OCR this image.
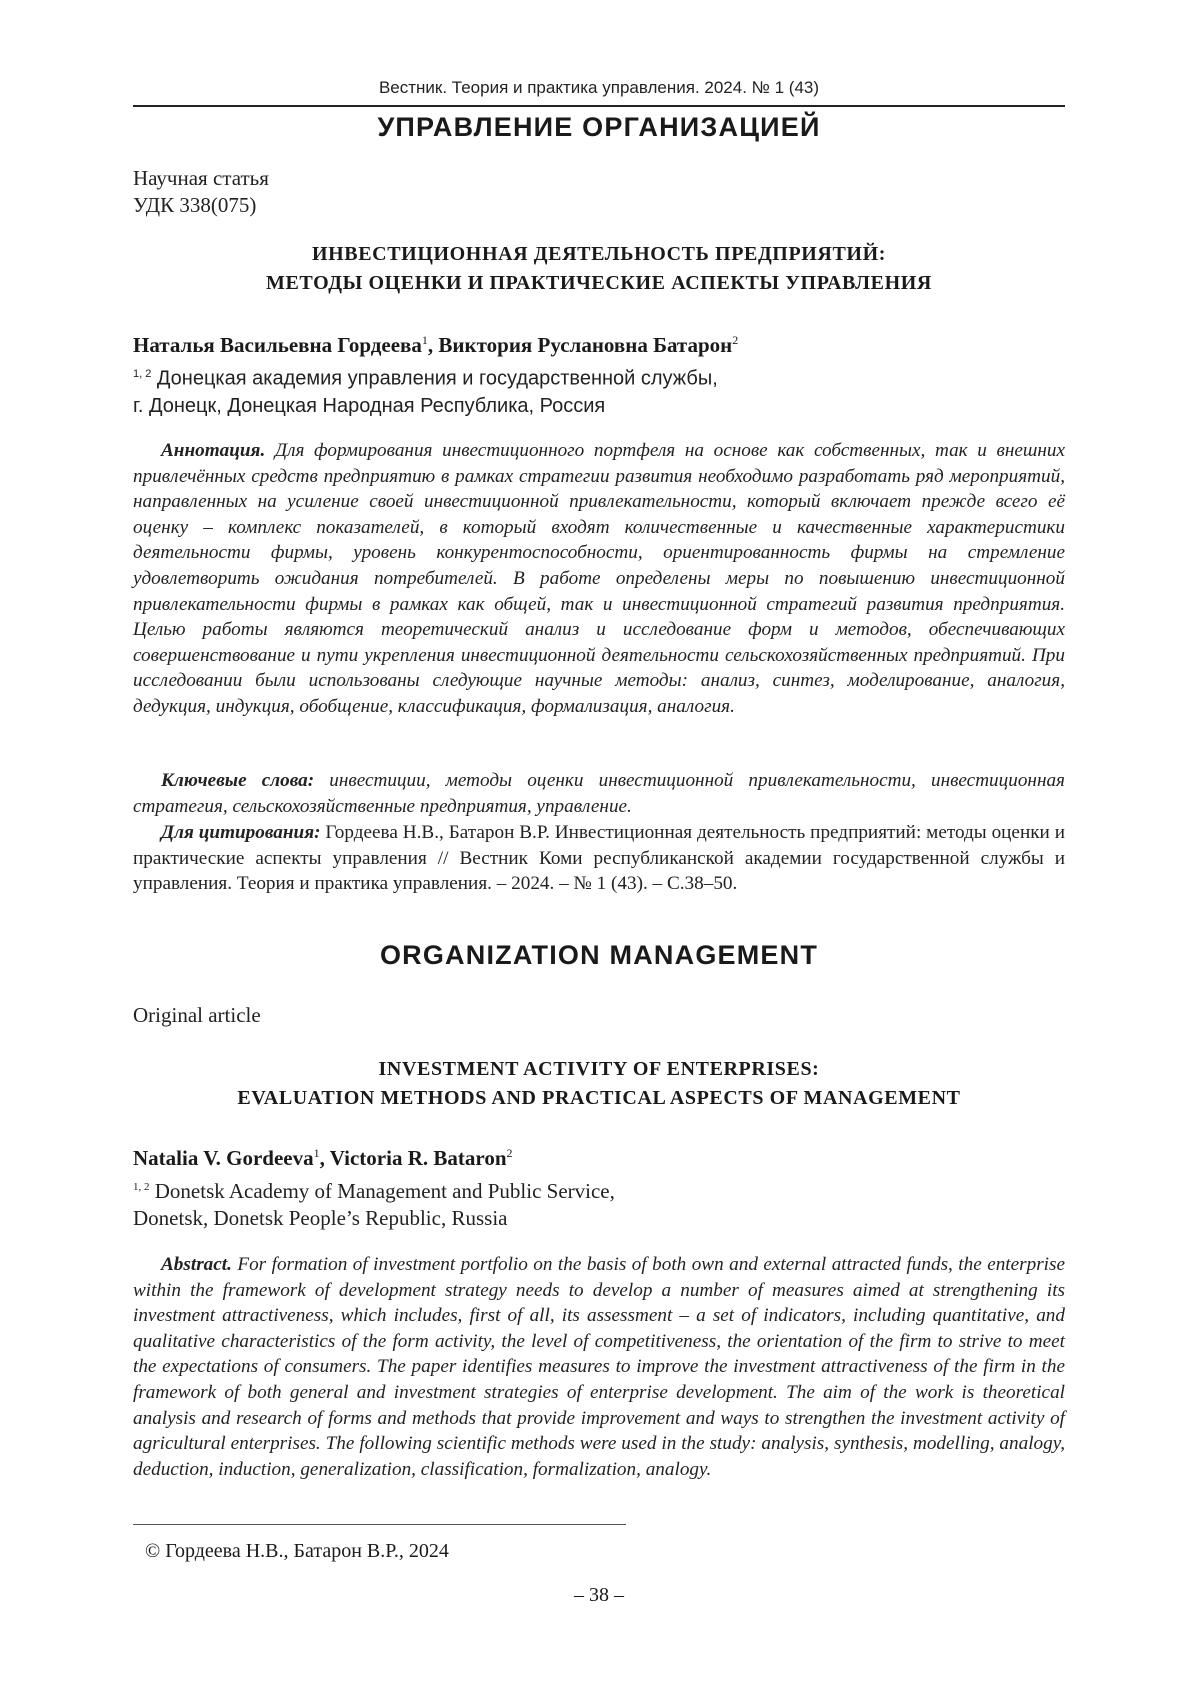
Вестник. Теория и практика управления. 2024. № 1 (43)
УПРАВЛЕНИЕ ОРГАНИЗАЦИЕЙ
Научная статья
УДК 338(075)
ИНВЕСТИЦИОННАЯ ДЕЯТЕЛЬНОСТЬ ПРЕДПРИЯТИЙ:
МЕТОДЫ ОЦЕНКИ И ПРАКТИЧЕСКИЕ АСПЕКТЫ УПРАВЛЕНИЯ
Наталья Васильевна Гордеева$^1$, Виктория Руслановна Батарон$^2$
$^{1, 2}$ Донецкая академия управления и государственной службы,
г. Донецк, Донецкая Народная Республика, Россия
Аннотация. Для формирования инвестиционного портфеля на основе как собственных, так и внешних привлечённых средств предприятию в рамках стратегии развития необходимо разработать ряд мероприятий, направленных на усиление своей инвестиционной привлекательности, который включает прежде всего её оценку – комплекс показателей, в который входят количественные и качественные характеристики деятельности фирмы, уровень конкурентоспособности, ориентированность фирмы на стремление удовлетворить ожидания потребителей. В работе определены меры по повышению инвестиционной привлекательности фирмы в рамках как общей, так и инвестиционной стратегий развития предприятия. Целью работы являются теоретический анализ и исследование форм и методов, обеспечивающих совершенствование и пути укрепления инвестиционной деятельности сельскохозяйственных предприятий. При исследовании были использованы следующие научные методы: анализ, синтез, моделирование, аналогия, дедукция, индукция, обобщение, классификация, формализация, аналогия.
Ключевые слова: инвестиции, методы оценки инвестиционной привлекательности, инвестиционная стратегия, сельскохозяйственные предприятия, управление.
Для цитирования: Гордеева Н.В., Батарон В.Р. Инвестиционная деятельность предприятий: методы оценки и практические аспекты управления // Вестник Коми республиканской академии государственной службы и управления. Теория и практика управления. – 2024. – № 1 (43). – С.38–50.
ORGANIZATION MANAGEMENT
Original article
INVESTMENT ACTIVITY OF ENTERPRISES:
EVALUATION METHODS AND PRACTICAL ASPECTS OF MANAGEMENT
Natalia V. Gordeeva$^1$, Victoria R. Bataron$^2$
$^{1, 2}$ Donetsk Academy of Management and Public Service,
Donetsk, Donetsk People’s Republic, Russia
Abstract. For formation of investment portfolio on the basis of both own and external attracted funds, the enterprise within the framework of development strategy needs to develop a number of measures aimed at strengthening its investment attractiveness, which includes, first of all, its assessment – a set of indicators, including quantitative, and qualitative characteristics of the form activity, the level of competitiveness, the orientation of the firm to strive to meet the expectations of consumers. The paper identifies measures to improve the investment attractiveness of the firm in the framework of both general and investment strategies of enterprise development. The aim of the work is theoretical analysis and research of forms and methods that provide improvement and ways to strengthen the investment activity of agricultural enterprises. The following scientific methods were used in the study: analysis, synthesis, modelling, analogy, deduction, induction, generalization, classification, formalization, analogy.
© Гордеева Н.В., Батарон В.Р., 2024
– 38 –
